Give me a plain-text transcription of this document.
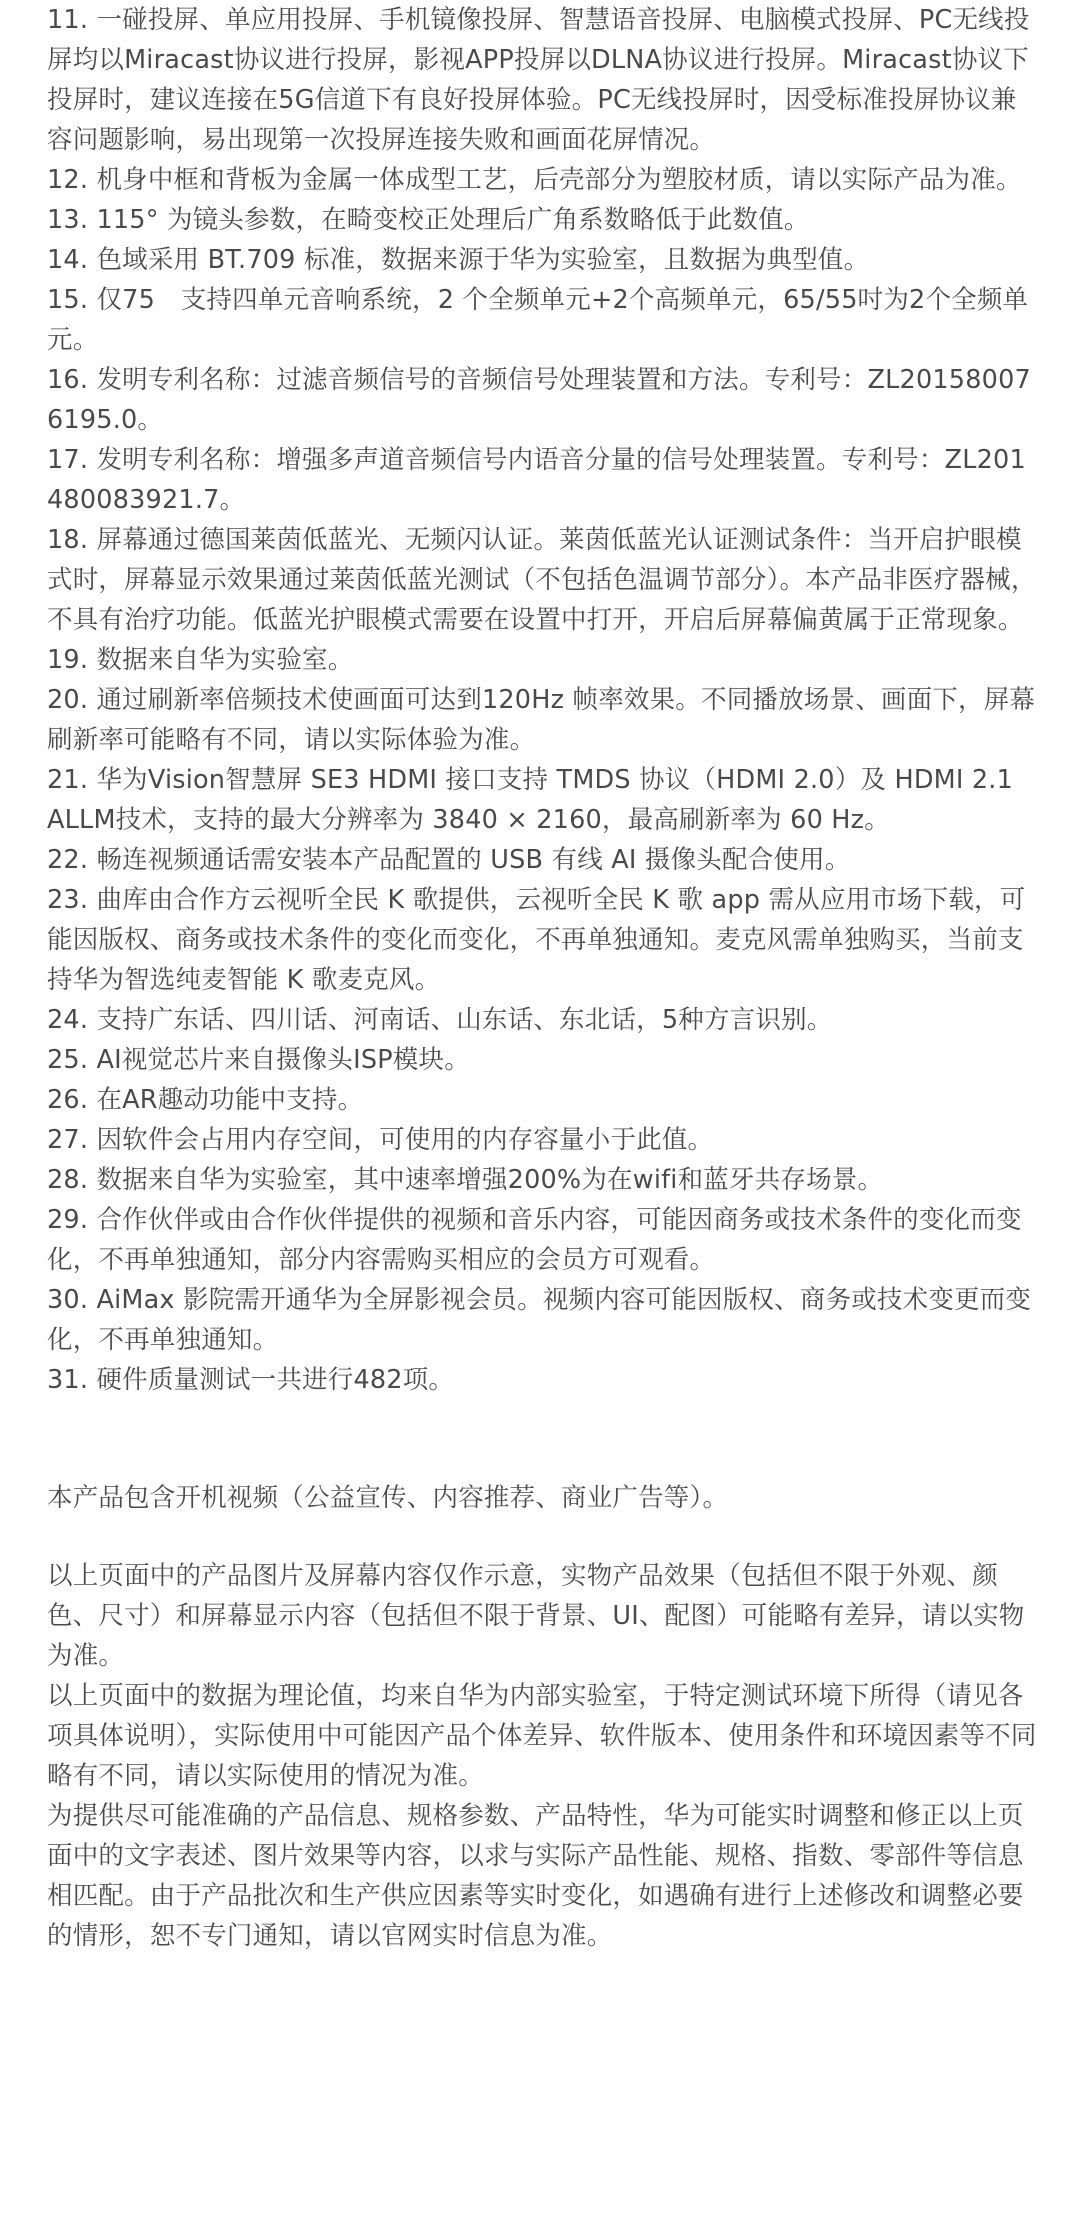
11. 一碰投屏、单应用投屏、手机镜像投屏、智慧语音投屏、电脑模式投屏、PC无线投屏均以Miracast协议进行投屏，影视APP投屏以DLNA协议进行投屏。Miracast协议下投屏时，建议连接在5G信道下有良好投屏体验。PC无线投屏时，因受标准投屏协议兼容问题影响，易出现第一次投屏连接失败和画面花屏情况。
12. 机身中框和背板为金属一体成型工艺，后壳部分为塑胶材质，请以实际产品为准。
13. 115° 为镜头参数，在畸变校正处理后广角系数略低于此数值。
14. 色域采用 BT.709 标准，数据来源于华为实验室，且数据为典型值。
15. 仅75　支持四单元音响系统，2 个全频单元+2个高频单元，65/55吋为2个全频单元。
16. 发明专利名称：过滤音频信号的音频信号处理装置和方法。专利号：ZL201580076195.0。
17. 发明专利名称：增强多声道音频信号内语音分量的信号处理装置。专利号：ZL201480083921.7。
18. 屏幕通过德国莱茵低蓝光、无频闪认证。莱茵低蓝光认证测试条件：当开启护眼模式时，屏幕显示效果通过莱茵低蓝光测试（不包括色温调节部分）。本产品非医疗器械，不具有治疗功能。低蓝光护眼模式需要在设置中打开，开启后屏幕偏黄属于正常现象。
19. 数据来自华为实验室。
20. 通过刷新率倍频技术使画面可达到120Hz 帧率效果。不同播放场景、画面下，屏幕刷新率可能略有不同，请以实际体验为准。
21. 华为Vision智慧屏 SE3 HDMI 接口支持 TMDS 协议（HDMI 2.0）及 HDMI 2.1 ALLM技术，支持的最大分辨率为 3840 × 2160，最高刷新率为 60 Hz。
22. 畅连视频通话需安装本产品配置的 USB 有线 AI 摄像头配合使用。
23. 曲库由合作方云视听全民 K 歌提供，云视听全民 K 歌 app 需从应用市场下载，可能因版权、商务或技术条件的变化而变化，不再单独通知。麦克风需单独购买，当前支持华为智选纯麦智能 K 歌麦克风。
24. 支持广东话、四川话、河南话、山东话、东北话，5种方言识别。
25. AI视觉芯片来自摄像头ISP模块。
26. 在AR趣动功能中支持。
27. 因软件会占用内存空间，可使用的内存容量小于此值。
28. 数据来自华为实验室，其中速率增强200%为在wifi和蓝牙共存场景。
29. 合作伙伴或由合作伙伴提供的视频和音乐内容，可能因商务或技术条件的变化而变化，不再单独通知，部分内容需购买相应的会员方可观看。
30. AiMax 影院需开通华为全屏影视会员。视频内容可能因版权、商务或技术变更而变化，不再单独通知。
31. 硬件质量测试一共进行482项。

本产品包含开机视频（公益宣传、内容推荐、商业广告等）。

以上页面中的产品图片及屏幕内容仅作示意，实物产品效果（包括但不限于外观、颜色、尺寸）和屏幕显示内容（包括但不限于背景、UI、配图）可能略有差异，请以实物为准。

以上页面中的数据为理论值，均来自华为内部实验室，于特定测试环境下所得（请见各项具体说明），实际使用中可能因产品个体差异、软件版本、使用条件和环境因素等不同略有不同，请以实际使用的情况为准。

为提供尽可能准确的产品信息、规格参数、产品特性，华为可能实时调整和修正以上页面中的文字表述、图片效果等内容，以求与实际产品性能、规格、指数、零部件等信息相匹配。由于产品批次和生产供应因素等实时变化，如遇确有进行上述修改和调整必要的情形，恕不专门通知，请以官网实时信息为准。
